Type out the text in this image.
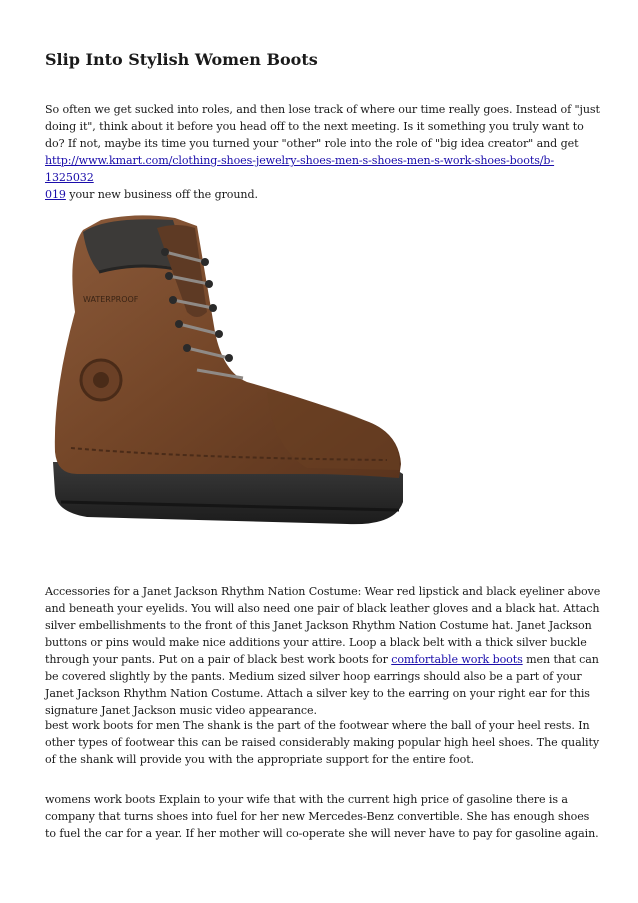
Slip Into Stylish Women Boots

So often we get sucked into roles, and then lose track of where our time really goes. Instead of "just doing it", think about it before you head off to the next meeting. Is it something you truly want to do? If not, maybe its time you turned your "other" role into the role of "big idea creator" and get http://www.kmart.com/clothing-shoes-jewelry-shoes-men-s-shoes-men-s-work-shoes-boots/b-1325032
019 your new business off the ground.

WATERPROOF

Accessories for a Janet Jackson Rhythm Nation Costume: Wear red lipstick and black eyeliner above and beneath your eyelids. You will also need one pair of black leather gloves and a black hat. Attach silver embellishments to the front of this Janet Jackson Rhythm Nation Costume hat. Janet Jackson buttons or pins would make nice additions your attire. Loop a black belt with a thick silver buckle through your pants. Put on a pair of black best work boots for comfortable work boots men that can be covered slightly by the pants. Medium sized silver hoop earrings should also be a part of your Janet Jackson Rhythm Nation Costume. Attach a silver key to the earring on your right ear for this signature Janet Jackson music video appearance.

best work boots for men The shank is the part of the footwear where the ball of your heel rests. In other types of footwear this can be raised considerably making popular high heel shoes. The quality of the shank will provide you with the appropriate support for the entire foot.

womens work boots Explain to your wife that with the current high price of gasoline there is a company that turns shoes into fuel for her new Mercedes-Benz convertible. She has enough shoes to fuel the car for a year. If her mother will co-operate she will never have to pay for gasoline again.
